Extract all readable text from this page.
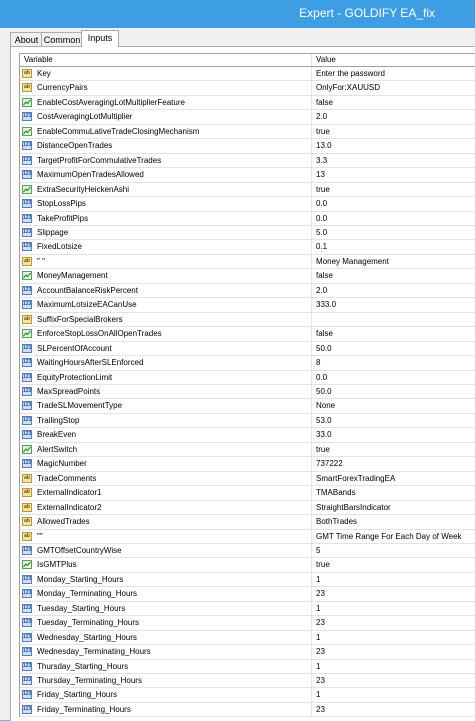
Expert - GOLDIFY EA_fix
About Common Inputs
Variable	Value
ab Key	Enter the password
ab CurrencyPairs	OnlyFor:XAUUSD
EnableCostAveragingLotMultiplierFeature	false
123 CostAveragingLotMultiplier	2.0
EnableCommuLativeTradeClosingMechanism	true
123 DistanceOpenTrades	13.0
123 TargetProfitForCommulativeTrades	3.3
123 MaximumOpenTradesAllowed	13
ExtraSecurityHeickenAshi	true
123 StopLossPips	0.0
123 TakeProfitPips	0.0
123 Slippage	5.0
123 FixedLotsize	0.1
ab " "	Money Management
MoneyManagement	false
123 AccountBalanceRiskPercent	2.0
123 MaximumLotsizeEACanUse	333.0
ab SuffixForSpecialBrokers
EnforceStopLossOnAllOpenTrades	false
123 SLPercentOfAccount	50.0
123 WaitingHoursAfterSLEnforced	8
123 EquityProtectionLimit	0.0
123 MaxSpreadPoints	50.0
123 TradeSLMovementType	None
123 TrailingStop	53.0
123 BreakEven	33.0
AlertSwitch	true
123 MagicNumber	737222
ab TradeComments	SmartForexTradingEA
ab ExternalIndicator1	TMABands
ab ExternalIndicator2	StraightBarsIndicator
ab AllowedTrades	BothTrades
ab ""	GMT Time Range For Each Day of Week
123 GMTOffsetCountryWise	5
IsGMTPlus	true
123 Monday_Starting_Hours	1
123 Monday_Terminating_Hours	23
123 Tuesday_Starting_Hours	1
123 Tuesday_Terminating_Hours	23
123 Wednesday_Starting_Hours	1
123 Wednesday_Terminating_Hours	23
123 Thursday_Starting_Hours	1
123 Thursday_Terminating_Hours	23
123 Friday_Starting_Hours	1
123 Friday_Terminating_Hours	23
